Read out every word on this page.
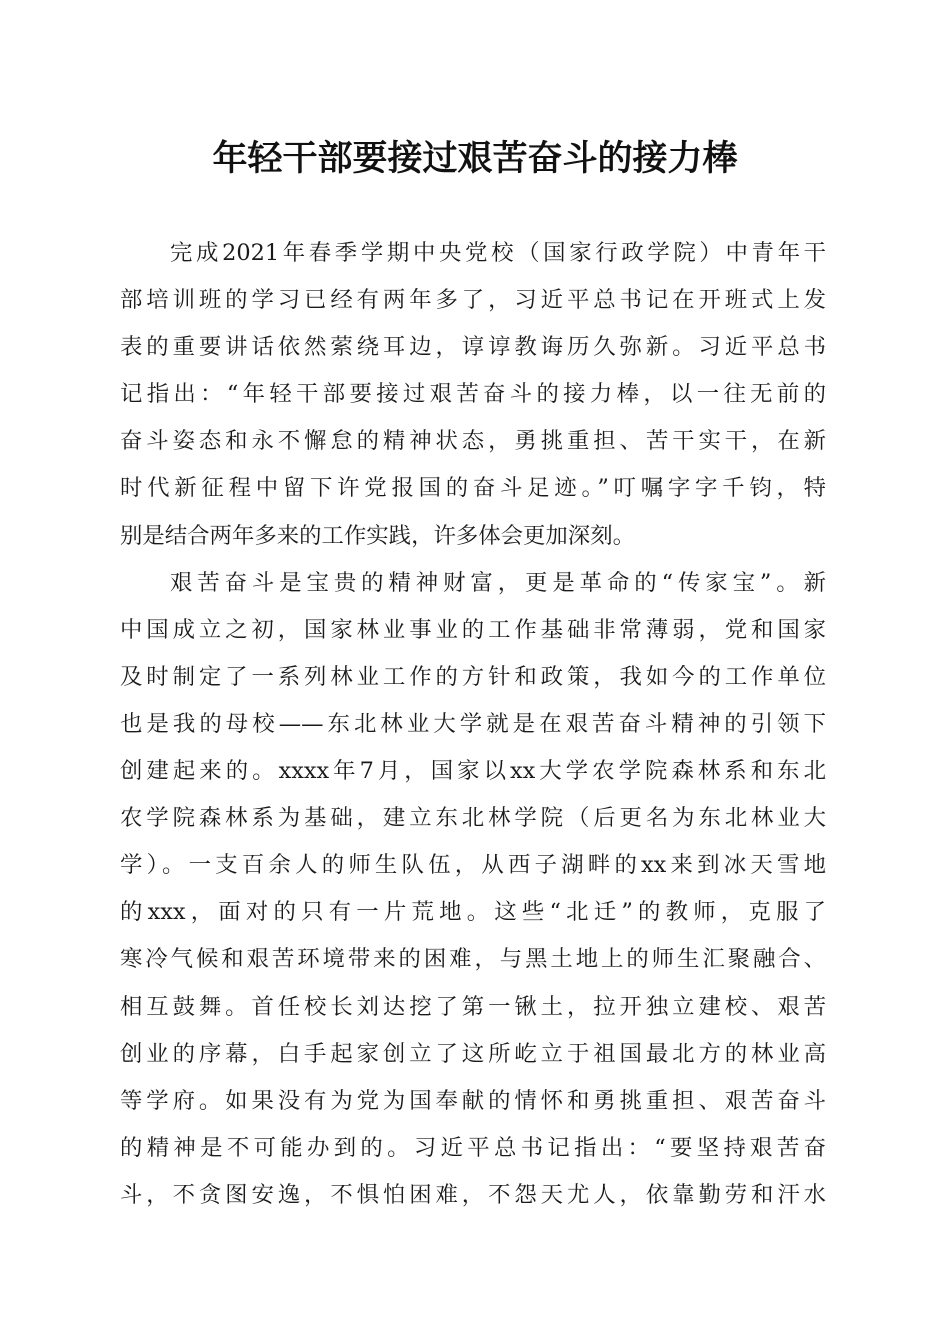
年轻干部要接过艰苦奋斗的接力棒
完成2021年春季学期中央党校（国家行政学院）中青年干
部培训班的学习已经有两年多了，习近平总书记在开班式上发
表的重要讲话依然萦绕耳边，谆谆教诲历久弥新。习近平总书
记指出：“年轻干部要接过艰苦奋斗的接力棒，以一往无前的
奋斗姿态和永不懈怠的精神状态，勇挑重担、苦干实干，在新
时代新征程中留下许党报国的奋斗足迹。”叮嘱字字千钧，特
别是结合两年多来的工作实践，许多体会更加深刻。
艰苦奋斗是宝贵的精神财富，更是革命的“传家宝”。新
中国成立之初，国家林业事业的工作基础非常薄弱，党和国家
及时制定了一系列林业工作的方针和政策，我如今的工作单位
也是我的母校——东北林业大学就是在艰苦奋斗精神的引领下
创建起来的。xxxx年7月，国家以xx大学农学院森林系和东北
农学院森林系为基础，建立东北林学院（后更名为东北林业大
学）。一支百余人的师生队伍，从西子湖畔的xx来到冰天雪地
的xxx，面对的只有一片荒地。这些“北迁”的教师，克服了
寒冷气候和艰苦环境带来的困难，与黑土地上的师生汇聚融合、
相互鼓舞。首任校长刘达挖了第一锹土，拉开独立建校、艰苦
创业的序幕，白手起家创立了这所屹立于祖国最北方的林业高
等学府。如果没有为党为国奉献的情怀和勇挑重担、艰苦奋斗
的精神是不可能办到的。习近平总书记指出：“要坚持艰苦奋
斗，不贪图安逸，不惧怕困难，不怨天尤人，依靠勤劳和汗水
